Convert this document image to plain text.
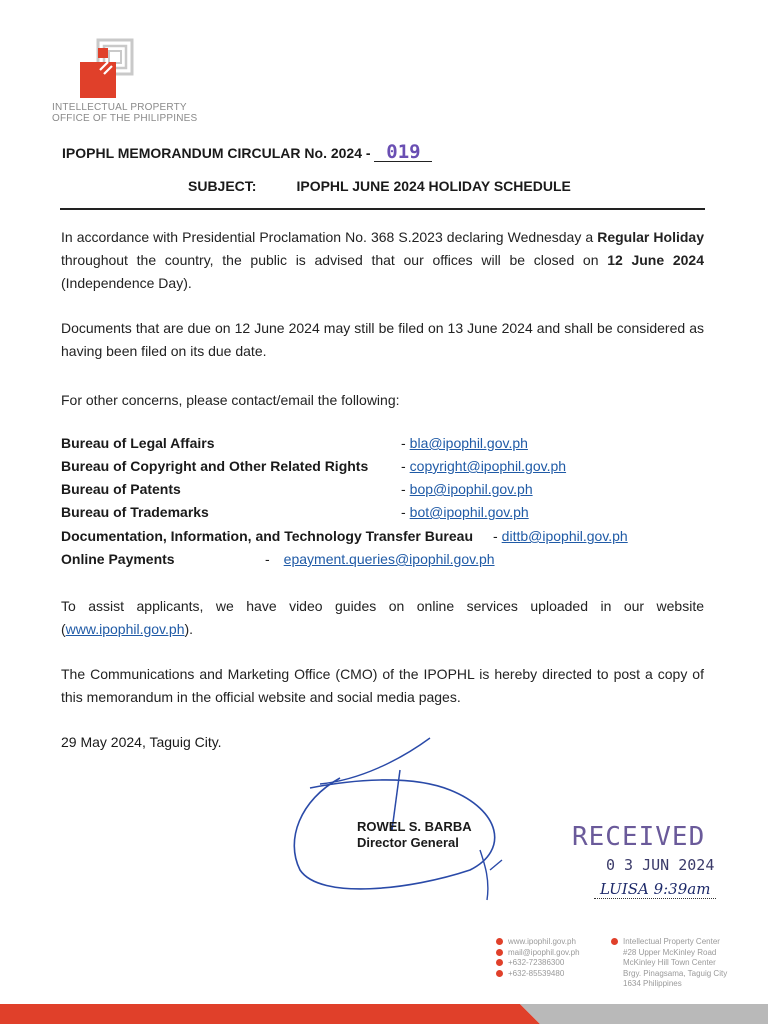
INTELLECTUAL PROPERTY
OFFICE OF THE PHILIPPINES
IPOPHL MEMORANDUM CIRCULAR No. 2024 - 019
SUBJECT:	IPOPHL JUNE 2024 HOLIDAY SCHEDULE
In accordance with Presidential Proclamation No. 368 S.2023 declaring Wednesday a Regular Holiday throughout the country, the public is advised that our offices will be closed on 12 June 2024 (Independence Day).
Documents that are due on 12 June 2024 may still be filed on 13 June 2024 and shall be considered as having been filed on its due date.
For other concerns, please contact/email the following:
Bureau of Legal Affairs	- bla@ipophil.gov.ph
Bureau of Copyright and Other Related Rights - copyright@ipophil.gov.ph
Bureau of Patents	- bop@ipophil.gov.ph
Bureau of Trademarks	- bot@ipophil.gov.ph
Documentation, Information, and Technology Transfer Bureau - dittb@ipophil.gov.ph
Online Payments	- epayment.queries@ipophil.gov.ph
To assist applicants, we have video guides on online services uploaded in our website (www.ipophil.gov.ph).
The Communications and Marketing Office (CMO) of the IPOPHL is hereby directed to post a copy of this memorandum in the official website and social media pages.
29 May 2024, Taguig City.
ROWEL S. BARBA
Director General	RECEIVED
0 3 JUN 2024
LUISA 9:39am
www.ipophil.gov.ph
mail@ipophil.gov.ph
+632-72386300
+632-85539480
Intellectual Property Center
#28 Upper McKinley Road
McKinley Hill Town Center
Brgy. Pinagsama, Taguig City
1634 Philippines
